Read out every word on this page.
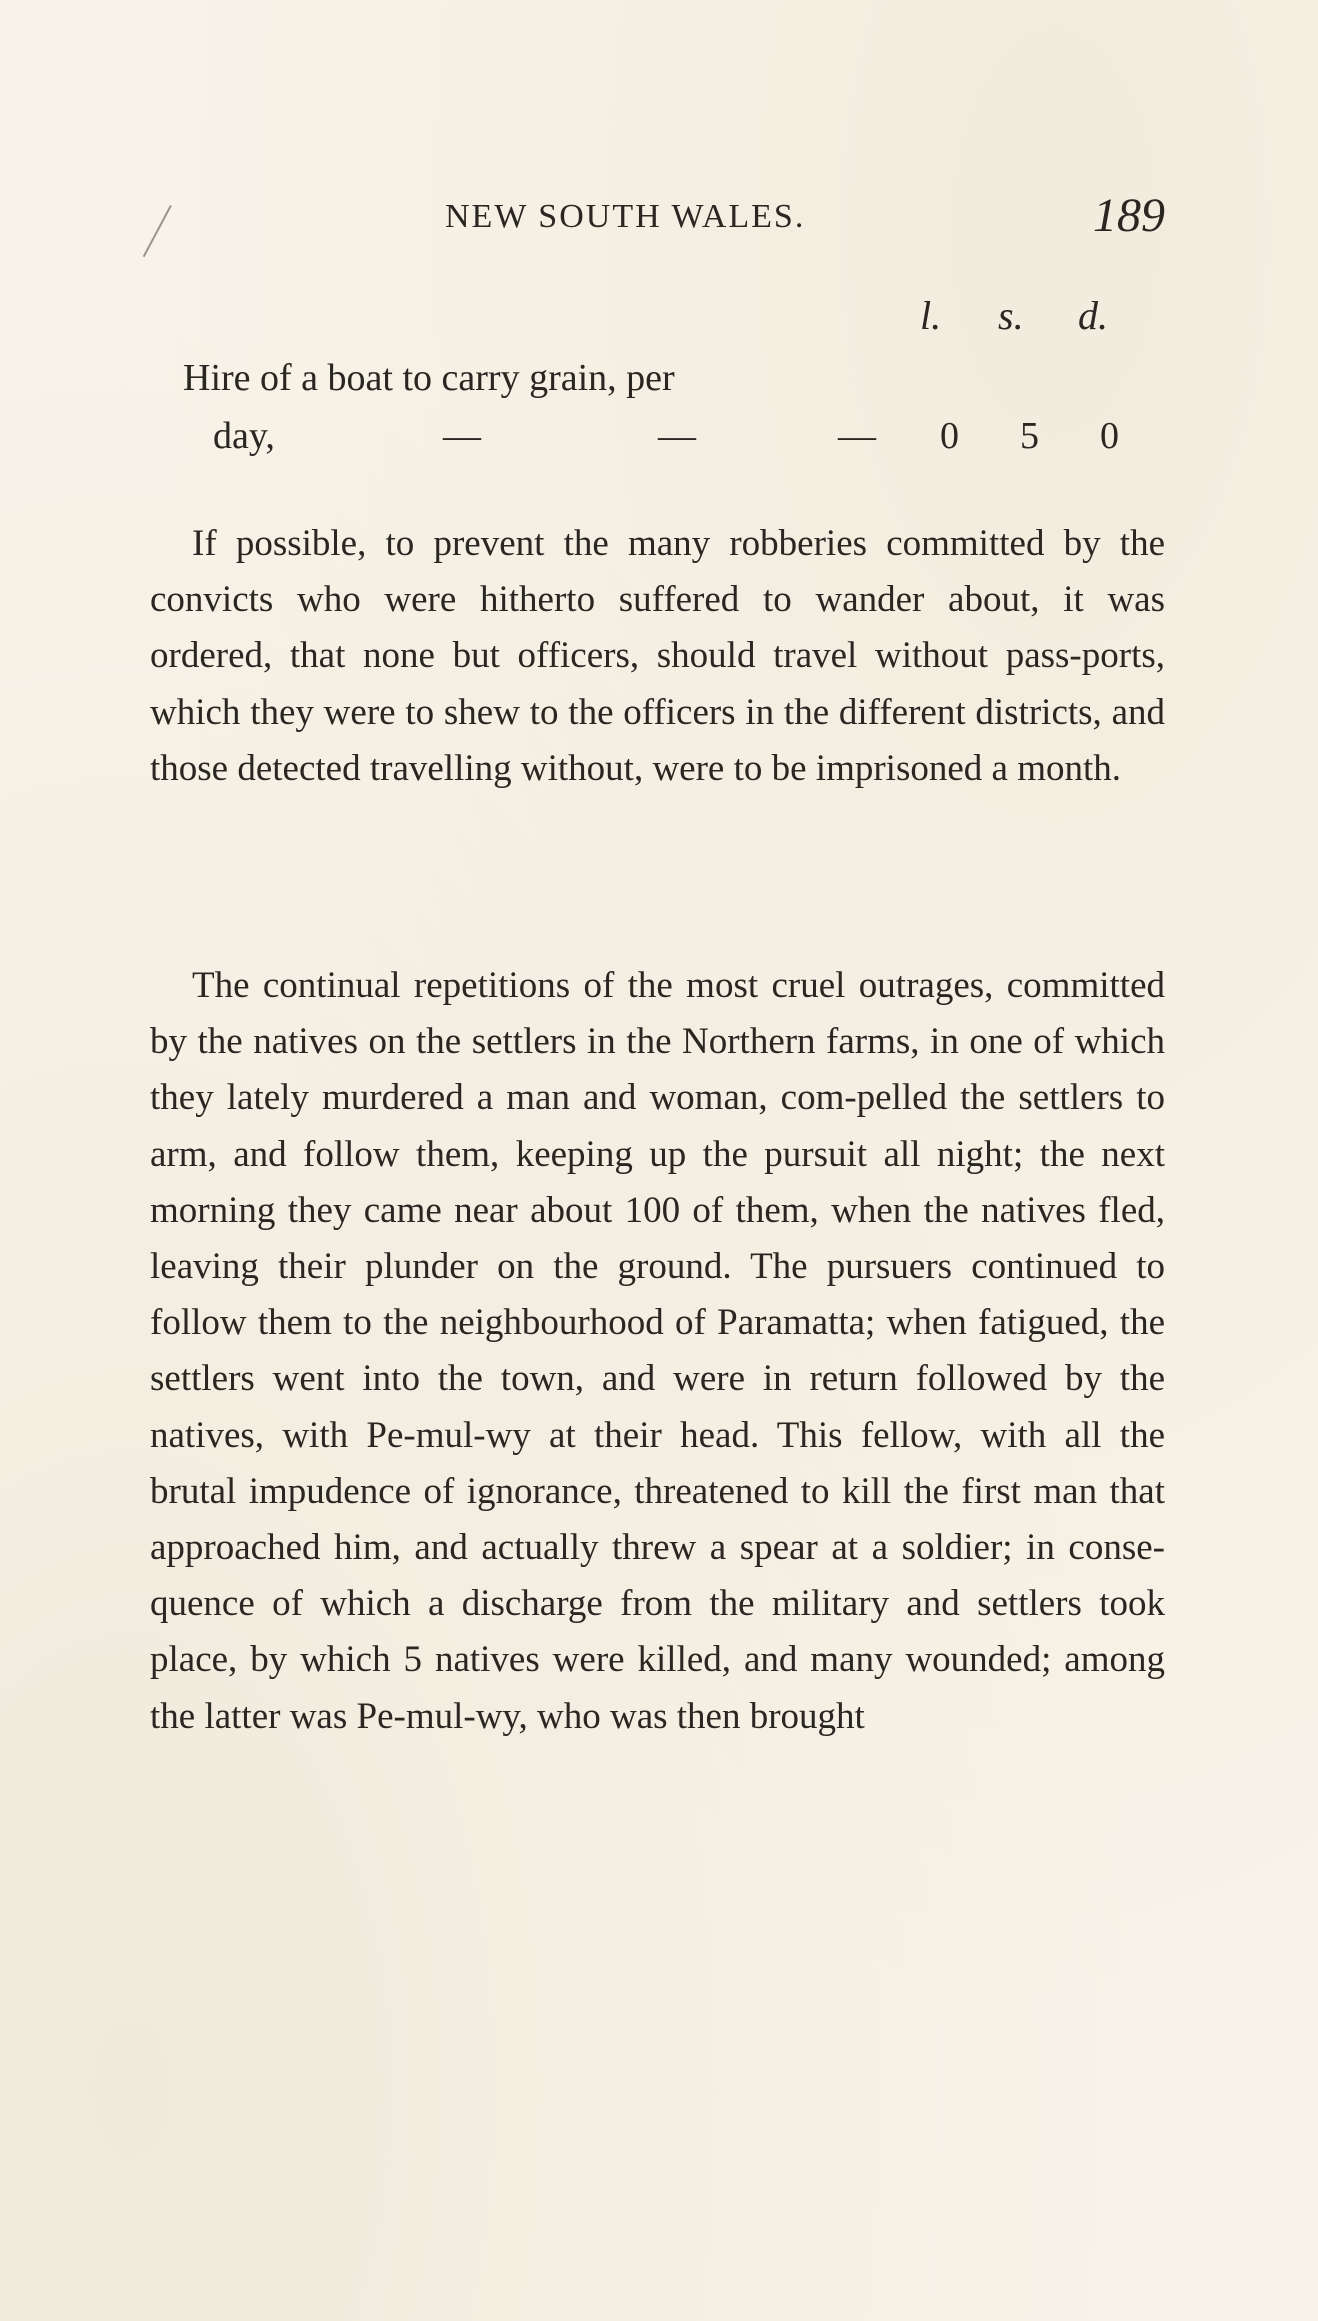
NEW SOUTH WALES.	189
l. s. d.
Hire of a boat to carry grain, per
day,	—	—	— 0 5 0

If possible, to prevent the many robberies committed by the convicts who were hitherto suffered to wander about, it was ordered, that none but officers, should travel without pass-ports, which they were to shew to the officers in the different districts, and those detected travelling without, were to be imprisoned a month.

The continual repetitions of the most cruel outrages, committed by the natives on the settlers in the Northern farms, in one of which they lately murdered a man and woman, com-pelled the settlers to arm, and follow them, keeping up the pursuit all night; the next morning they came near about 100 of them, when the natives fled, leaving their plunder on the ground. The pursuers continued to follow them to the neighbourhood of Paramatta; when fatigued, the settlers went into the town, and were in return followed by the natives, with Pe-mul-wy at their head. This fellow, with all the brutal impudence of ignorance, threatened to kill the first man that approached him, and actually threw a spear at a soldier; in conse-quence of which a discharge from the military and settlers took place, by which 5 natives were killed, and many wounded; among the latter was Pe-mul-wy, who was then brought
